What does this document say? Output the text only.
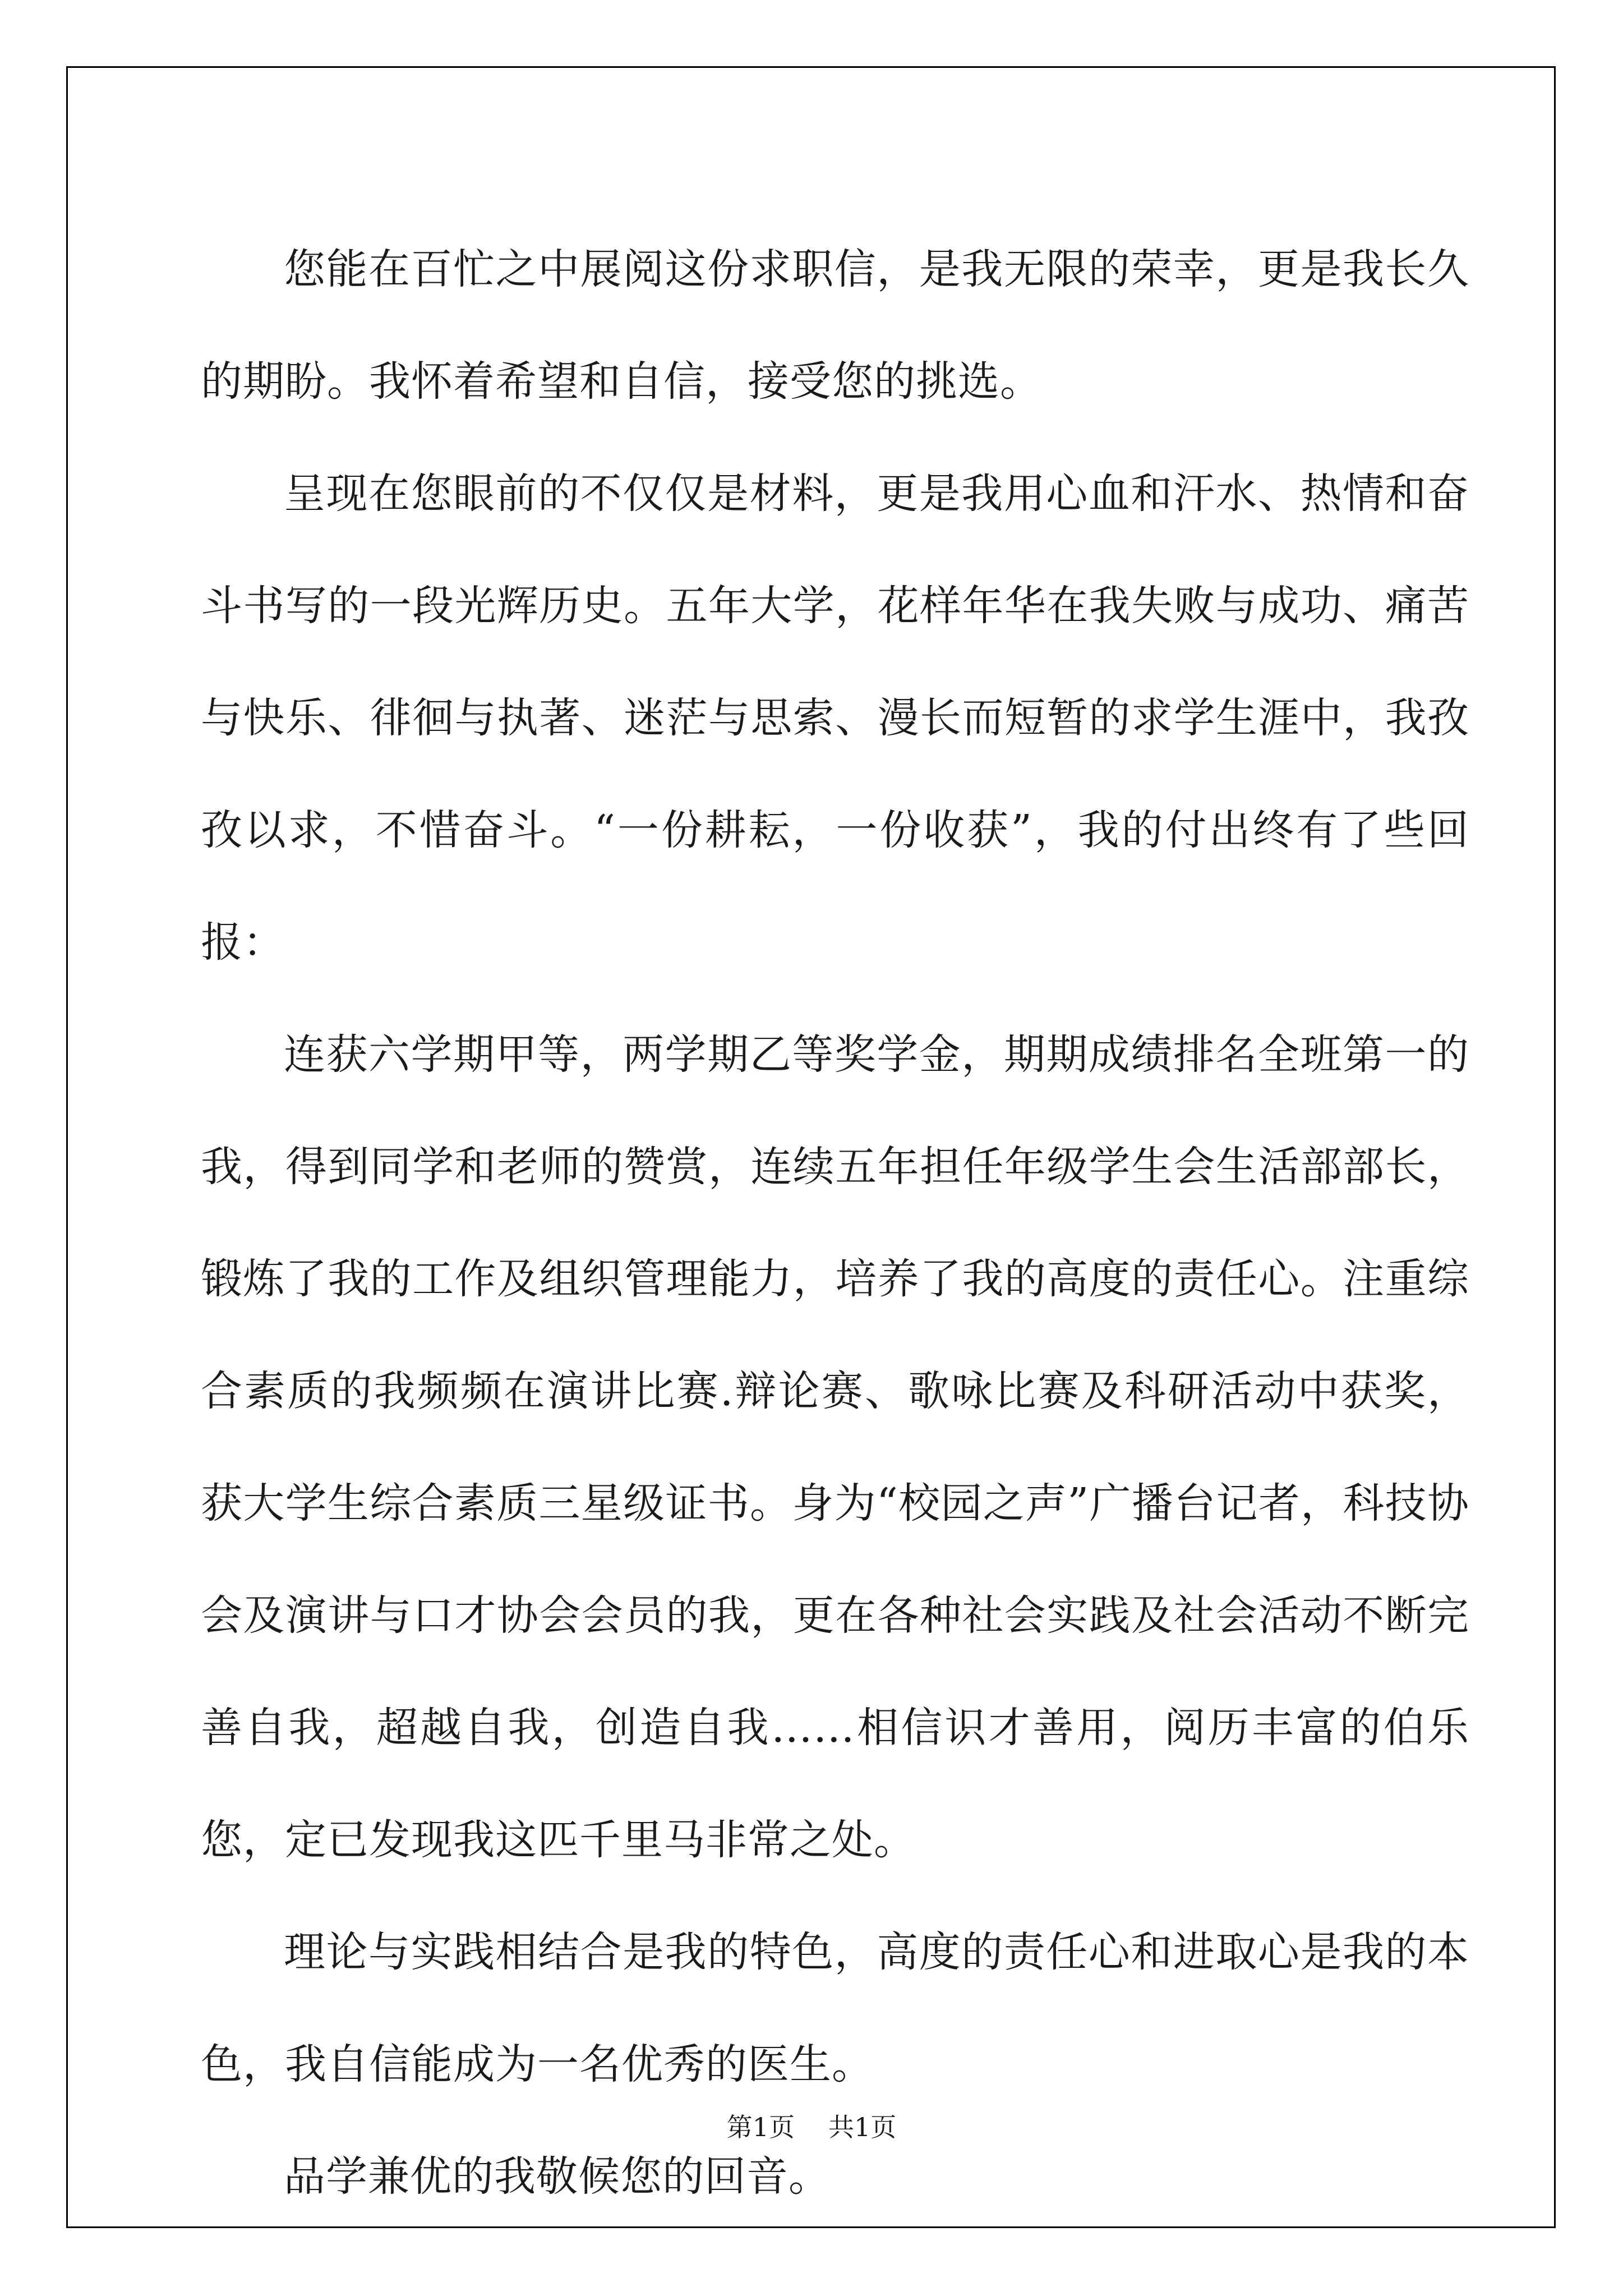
您能在百忙之中展阅这份求职信，是我无限的荣幸，更是我长久的期盼。我怀着希望和自信，接受您的挑选。

呈现在您眼前的不仅仅是材料，更是我用心血和汗水、热情和奋斗书写的一段光辉历史。五年大学，花样年华在我失败与成功、痛苦与快乐、徘徊与执著、迷茫与思索、漫长而短暂的求学生涯中，我孜孜以求，不惜奋斗。“一份耕耘，一份收获”，我的付出终有了些回报：

连获六学期甲等，两学期乙等奖学金，期期成绩排名全班第一的我，得到同学和老师的赞赏，连续五年担任年级学生会生活部部长，锻炼了我的工作及组织管理能力，培养了我的高度的责任心。注重综合素质的我频频在演讲比赛.辩论赛、歌咏比赛及科研活动中获奖，获大学生综合素质三星级证书。身为“校园之声”广播台记者，科技协会及演讲与口才协会会员的我，更在各种社会实践及社会活动不断完善自我，超越自我，创造自我……相信识才善用，阅历丰富的伯乐您，定已发现我这匹千里马非常之处。

理论与实践相结合是我的特色，高度的责任心和进取心是我的本色，我自信能成为一名优秀的医生。

品学兼优的我敬候您的回音。

第1页 共1页
